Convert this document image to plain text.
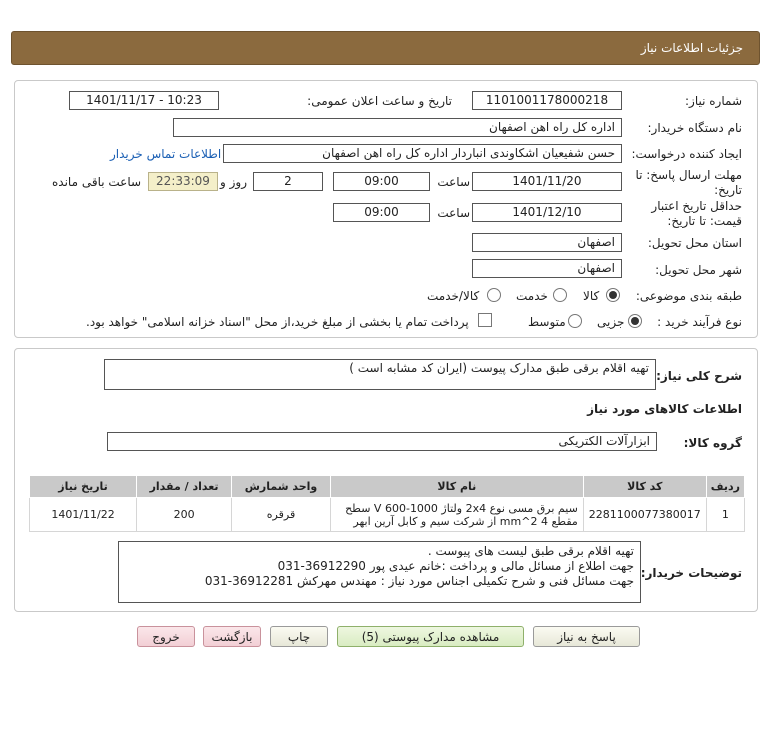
جزئیات اطلاعات نیاز
شماره نیاز:
1101001178000218
تاریخ و ساعت اعلان عمومی:
1401/11/17 - 10:23
نام دستگاه خریدار:
اداره کل راه اهن اصفهان
ایجاد کننده درخواست:
حسن شفیعیان اشکاوندی انباردار اداره کل راه اهن اصفهان
اطلاعات تماس خریدار
مهلت ارسال پاسخ: تا
تاریخ:
1401/11/20
ساعت
09:00
2
روز و
22:33:09
ساعت باقی مانده
حداقل تاریخ اعتبار
قیمت: تا تاریخ:
1401/12/10
ساعت
09:00
استان محل تحویل:
اصفهان
شهر محل تحویل:
اصفهان
طبقه بندی موضوعی:
کالا
خدمت
کالا/خدمت
نوع فرآیند خرید :
جزیی
متوسط
پرداخت تمام یا بخشی از مبلغ خرید،از محل "اسناد خزانه اسلامی" خواهد بود.
شرح کلی نیاز:
تهیه اقلام برقی طبق مدارک پیوست (ایران کد مشابه است )
اطلاعات کالاهای مورد نیاز
گروه کالا:
ابزارآلات الکتریکی
ردیف	کد کالا	نام کالا	واحد شمارش	تعداد / مقدار	تاریخ نیاز
1	2281100077380017	سیم برق مسی نوع 2x4 ولتاژ 1000-600 V سطح مقطع 4 mm^2 از شرکت سیم و کابل آرین ابهر	قرقره	200	1401/11/22
توضیحات خریدار:
تهیه اقلام برقی طبق لیست های پیوست .
جهت اطلاع از مسائل مالی و پرداخت :خانم عیدی پور 36912290-031
جهت مسائل فنی و شرح تکمیلی اجناس مورد نیاز : مهندس مهرکش 36912281-031
پاسخ به نیاز
مشاهده مدارک پیوستی (5)
چاپ
بازگشت
خروج
